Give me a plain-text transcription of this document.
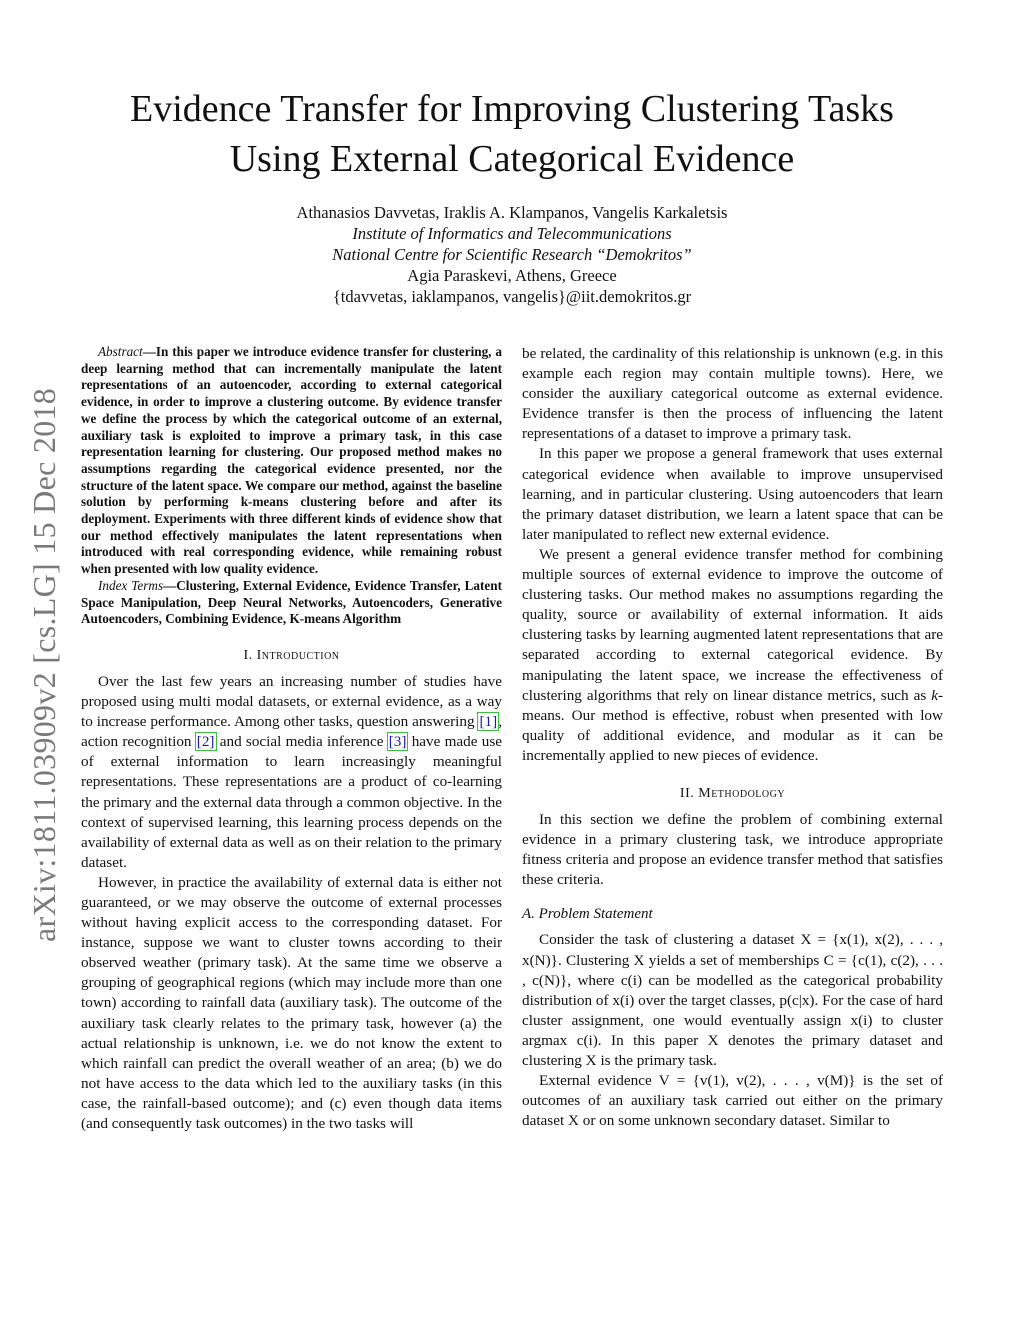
arXiv:1811.03909v2 [cs.LG] 15 Dec 2018
Evidence Transfer for Improving Clustering Tasks
Using External Categorical Evidence
Athanasios Davvetas, Iraklis A. Klampanos, Vangelis Karkaletsis
Institute of Informatics and Telecommunications
National Centre for Scientific Research “Demokritos”
Agia Paraskevi, Athens, Greece
{tdavvetas, iaklampanos, vangelis}@iit.demokritos.gr

Abstract—In this paper we introduce evidence transfer for clustering, a deep learning method that can incrementally manipulate the latent representations of an autoencoder, according to external categorical evidence, in order to improve a clustering outcome. By evidence transfer we define the process by which the categorical outcome of an external, auxiliary task is exploited to improve a primary task, in this case representation learning for clustering. Our proposed method makes no assumptions regarding the categorical evidence presented, nor the structure of the latent space. We compare our method, against the baseline solution by performing k-means clustering before and after its deployment. Experiments with three different kinds of evidence show that our method effectively manipulates the latent representations when introduced with real corresponding evidence, while remaining robust when presented with low quality evidence.

Index Terms—Clustering, External Evidence, Evidence Transfer, Latent Space Manipulation, Deep Neural Networks, Autoencoders, Generative Autoencoders, Combining Evidence, K-means Algorithm

I. Introduction

Over the last few years an increasing number of studies have proposed using multi modal datasets, or external evidence, as a way to increase performance. Among other tasks, question answering [1], action recognition [2] and social media inference [3] have made use of external information to learn increasingly meaningful representations. These representations are a product of co-learning the primary and the external data through a common objective. In the context of supervised learning, this learning process depends on the availability of external data as well as on their relation to the primary dataset.

However, in practice the availability of external data is either not guaranteed, or we may observe the outcome of external processes without having explicit access to the corresponding dataset. For instance, suppose we want to cluster towns according to their observed weather (primary task). At the same time we observe a grouping of geographical regions (which may include more than one town) according to rainfall data (auxiliary task). The outcome of the auxiliary task clearly relates to the primary task, however (a) the actual relationship is unknown, i.e. we do not know the extent to which rainfall can predict the overall weather of an area; (b) we do not have access to the data which led to the auxiliary tasks (in this case, the rainfall-based outcome); and (c) even though data items (and consequently task outcomes) in the two tasks will

be related, the cardinality of this relationship is unknown (e.g. in this example each region may contain multiple towns). Here, we consider the auxiliary categorical outcome as external evidence. Evidence transfer is then the process of influencing the latent representations of a dataset to improve a primary task.

In this paper we propose a general framework that uses external categorical evidence when available to improve unsupervised learning, and in particular clustering. Using autoencoders that learn the primary dataset distribution, we learn a latent space that can be later manipulated to reflect new external evidence.

We present a general evidence transfer method for combining multiple sources of external evidence to improve the outcome of clustering tasks. Our method makes no assumptions regarding the quality, source or availability of external information. It aids clustering tasks by learning augmented latent representations that are separated according to external categorical evidence. By manipulating the latent space, we increase the effectiveness of clustering algorithms that rely on linear distance metrics, such as k-means. Our method is effective, robust when presented with low quality of additional evidence, and modular as it can be incrementally applied to new pieces of evidence.

II. Methodology

In this section we define the problem of combining external evidence in a primary clustering task, we introduce appropriate fitness criteria and propose an evidence transfer method that satisfies these criteria.

A. Problem Statement

Consider the task of clustering a dataset X = {x(1), x(2), . . . , x(N)}. Clustering X yields a set of memberships C = {c(1), c(2), . . . , c(N)}, where c(i) can be modelled as the categorical probability distribution of x(i) over the target classes, p(c|x). For the case of hard cluster assignment, one would eventually assign x(i) to cluster argmax c(i). In this paper X denotes the primary dataset and clustering X is the primary task.

External evidence V = {v(1), v(2), . . . , v(M)} is the set of outcomes of an auxiliary task carried out either on the primary dataset X or on some unknown secondary dataset. Similar to
